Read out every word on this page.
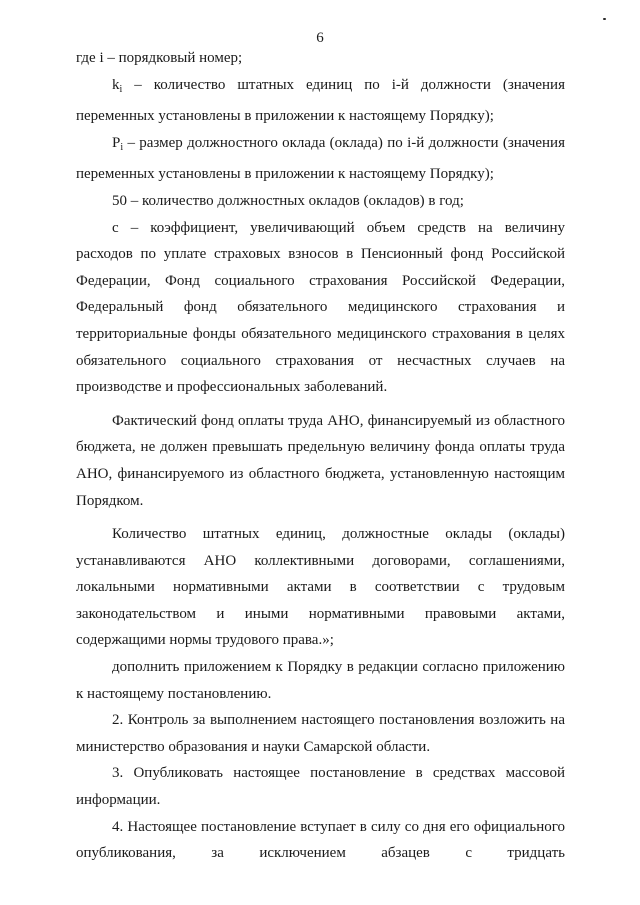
6

где i – порядковый номер;

$k_i$ – количество штатных единиц по i-й должности (значения переменных установлены в приложении к настоящему Порядку);

$P_i$ – размер должностного оклада (оклада) по i-й должности (значения переменных установлены в приложении к настоящему Порядку);

50 – количество должностных окладов (окладов) в год;

с – коэффициент, увеличивающий объем средств на величину расходов по уплате страховых взносов в Пенсионный фонд Российской Федерации, Фонд социального страхования Российской Федерации, Федеральный фонд обязательного медицинского страхования и территориальные фонды обязательного медицинского страхования в целях обязательного социального страхования от несчастных случаев на производстве и профессиональных заболеваний.

Фактический фонд оплаты труда АНО, финансируемый из областного бюджета, не должен превышать предельную величину фонда оплаты труда АНО, финансируемого из областного бюджета, установленную настоящим Порядком.

Количество штатных единиц, должностные оклады (оклады) устанавливаются АНО коллективными договорами, соглашениями, локальными нормативными актами в соответствии с трудовым законодательством и иными нормативными правовыми актами, содержащими нормы трудового права.»;

дополнить приложением к Порядку в редакции согласно приложению к настоящему постановлению.

2. Контроль за выполнением настоящего постановления возложить на министерство образования и науки Самарской области.

3. Опубликовать настоящее постановление в средствах массовой информации.

4. Настоящее постановление вступает в силу со дня его официального опубликования, за исключением абзацев с тридцать
